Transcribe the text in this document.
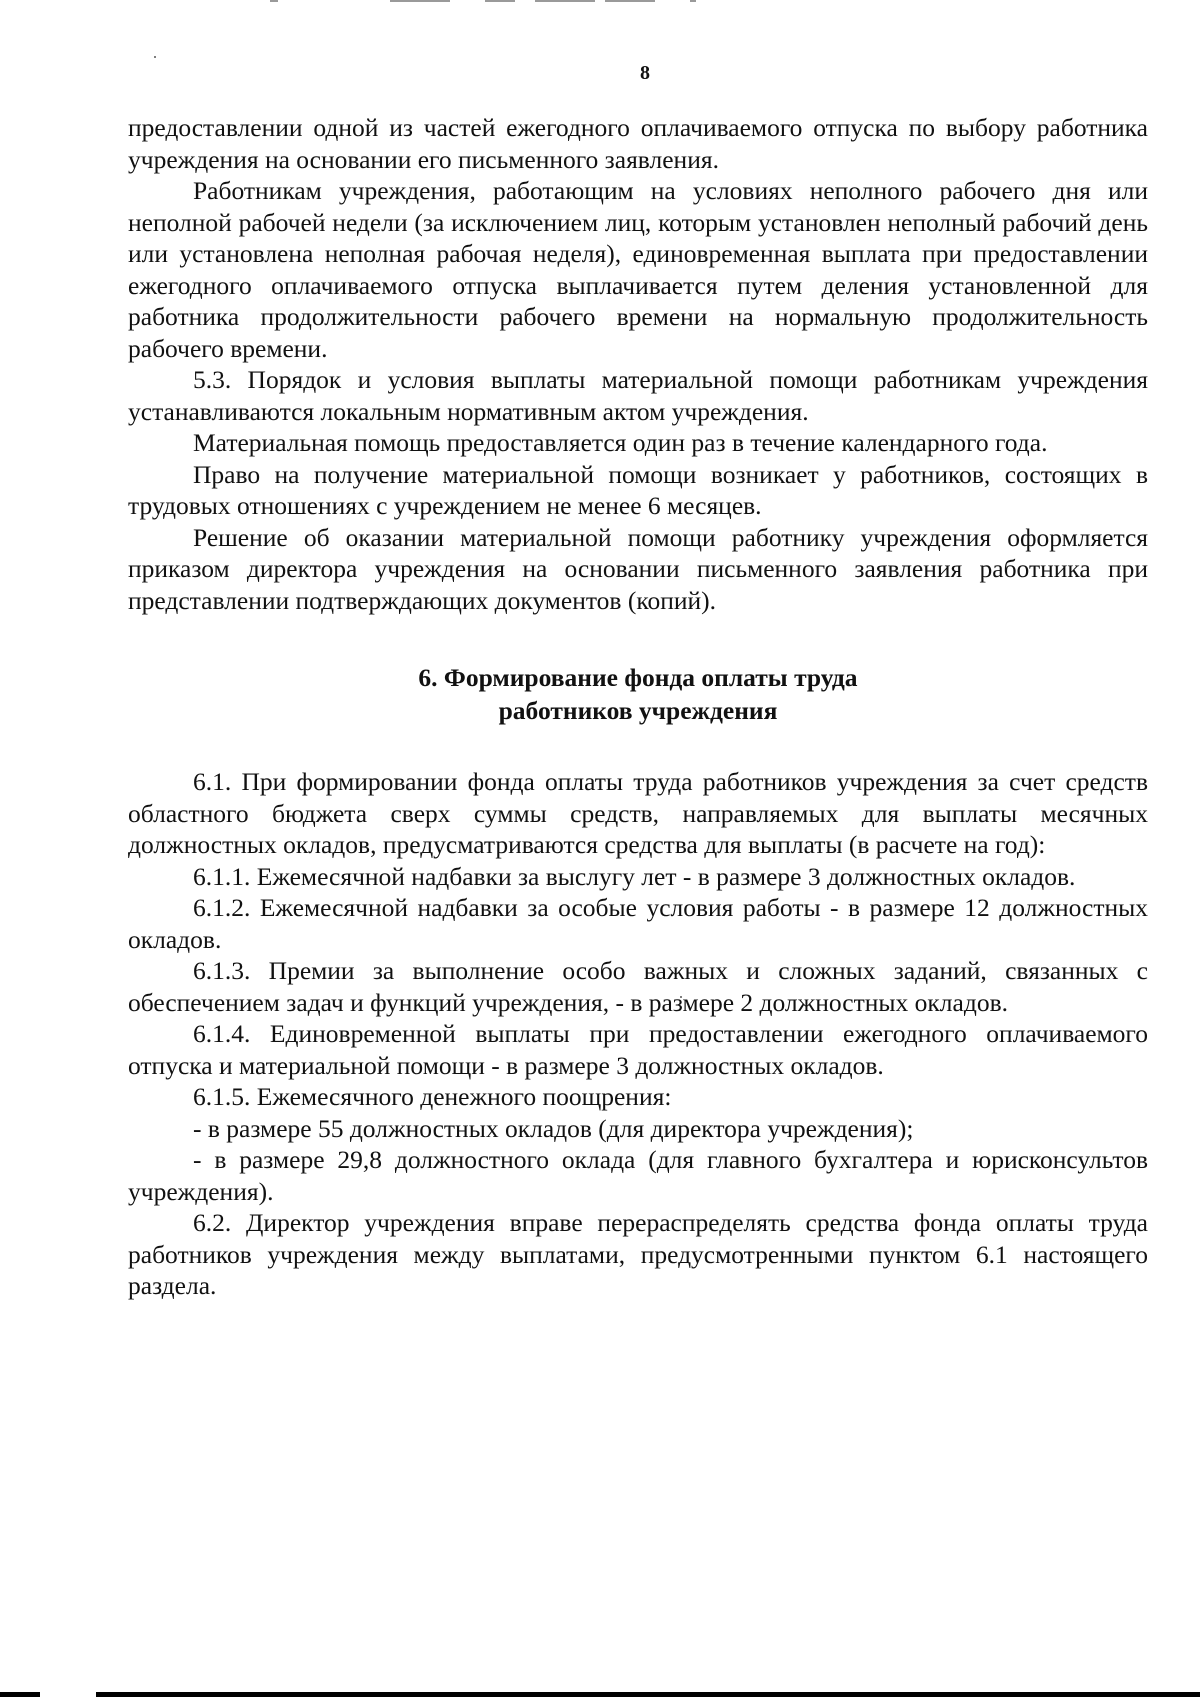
8

предоставлении одной из частей ежегодного оплачиваемого отпуска по выбору работника учреждения на основании его письменного заявления.

Работникам учреждения, работающим на условиях неполного рабочего дня или неполной рабочей недели (за исключением лиц, которым установлен неполный рабочий день или установлена неполная рабочая неделя), единовременная выплата при предоставлении ежегодного оплачиваемого отпуска выплачивается путем деления установленной для работника продолжительности рабочего времени на нормальную продолжительность рабочего времени.

5.3. Порядок и условия выплаты материальной помощи работникам учреждения устанавливаются локальным нормативным актом учреждения.

Материальная помощь предоставляется один раз в течение календарного года.

Право на получение материальной помощи возникает у работников, состоящих в трудовых отношениях с учреждением не менее 6 месяцев.

Решение об оказании материальной помощи работнику учреждения оформляется приказом директора учреждения на основании письменного заявления работника при представлении подтверждающих документов (копий).

6. Формирование фонда оплаты труда
работников учреждения

6.1. При формировании фонда оплаты труда работников учреждения за счет средств областного бюджета сверх суммы средств, направляемых для выплаты месячных должностных окладов, предусматриваются средства для выплаты (в расчете на год):

6.1.1. Ежемесячной надбавки за выслугу лет - в размере 3 должностных окладов.

6.1.2. Ежемесячной надбавки за особые условия работы - в размере 12 должностных окладов.

6.1.3. Премии за выполнение особо важных и сложных заданий, связанных с обеспечением задач и функций учреждения, - в размере 2 должностных окладов.

6.1.4. Единовременной выплаты при предоставлении ежегодного оплачиваемого отпуска и материальной помощи - в размере 3 должностных окладов.

6.1.5. Ежемесячного денежного поощрения:

- в размере 55 должностных окладов (для директора учреждения);

- в размере 29,8 должностного оклада (для главного бухгалтера и юрисконсультов учреждения).

6.2. Директор учреждения вправе перераспределять средства фонда оплаты труда работников учреждения между выплатами, предусмотренными пунктом 6.1 настоящего раздела.
